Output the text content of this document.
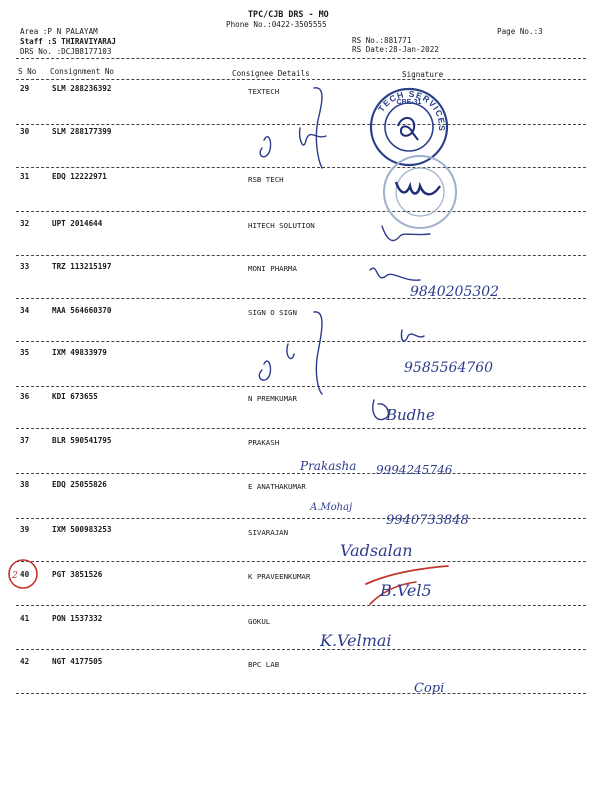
TPC/CJB DRS - MO
Phone No.:0422-3505555
Area :P N PALAYAM
Staff :S THIRAVIYARAJ
DRS No. :DCJB8177103
Page No.:3
RS No.:881771
RS Date:28-Jan-2022
S No Consignment No	Consignee Details	Signature
29	SLM 288236392	TEXTECH
30	SLM 288177399
31	EDQ 12222971	RSB TECH
32	UPT 2014644	HITECH SOLUTION
33	TRZ 113215197	MONI PHARMA
34	MAA 564660370	SIGN O SIGN
35	IXM 49833979
36	KDI 673655	N PREMKUMAR
37	BLR 590541795	PRAKASH
38	EDQ 25055826	E ANATHAKUMAR
39	IXM 500983253	SIVARAJAN
40	PGT 3851526	K PRAVEENKUMAR
41	PON 1537332	GOKUL
42	NGT 4177505	BPC LAB
TECH SERVICES
CBE-31
9840205302
9585564760
Budhe
Prakasha 9994245746
A.Mohaj
9940733848
Vadsalan
2
B.Vel5
K.Velmai
Copi
